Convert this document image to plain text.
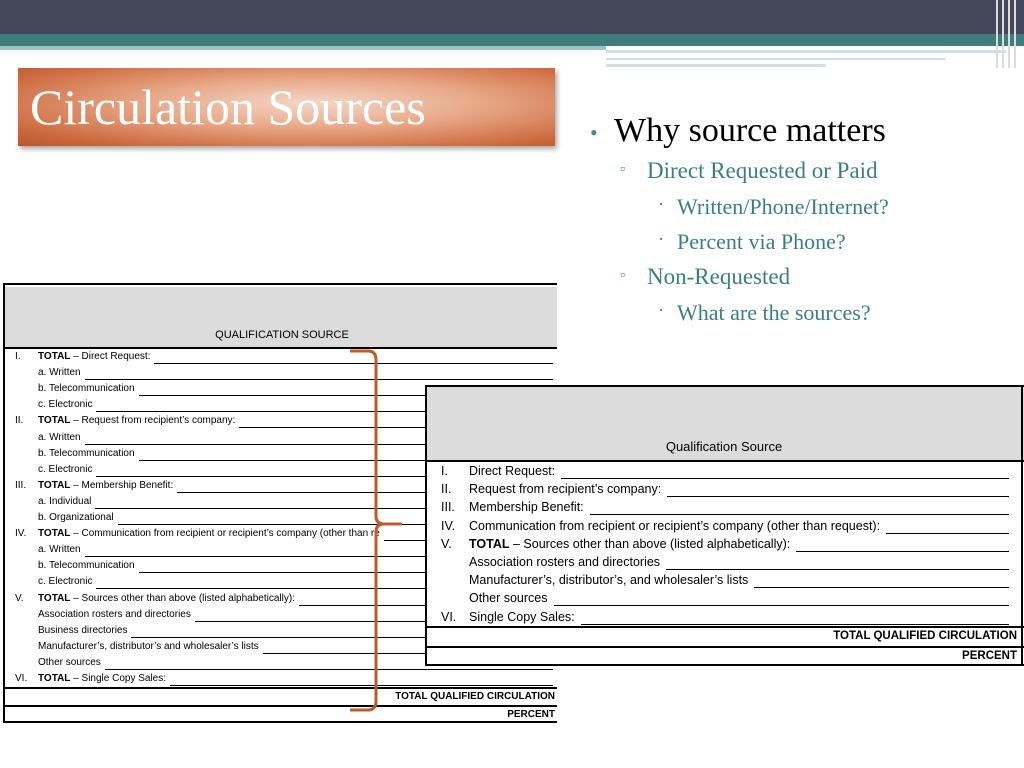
Circulation Sources	• Why source matters
▫ Direct Requested or Paid
· Written/Phone/Internet?
· Percent via Phone?
▫ Non-Requested
· What are the sources?
QUALIFICATION SOURCE
I. TOTAL – Direct Request:
a. Written
b. Telecommunication
c. Electronic
II. TOTAL – Request from recipient’s company:
a. Written
b. Telecommunication
c. Electronic
III. TOTAL – Membership Benefit:
a. Individual
b. Organizational
IV. TOTAL – Communication from recipient or recipient’s company (other than re
a. Written
b. Telecommunication
c. Electronic
V. TOTAL – Sources other than above (listed alphabetically):
Association rosters and directories
Business directories
Manufacturer’s, distributor’s and wholesaler’s lists
Other sources
VI. TOTAL – Single Copy Sales:
TOTAL QUALIFIED CIRCULATION
PERCENT
Qualification Source
I. Direct Request:
II. Request from recipient’s company:
III. Membership Benefit:
IV. Communication from recipient or recipient’s company (other than request):
V. TOTAL – Sources other than above (listed alphabetically):
Association rosters and directories
Manufacturer’s, distributor’s, and wholesaler’s lists
Other sources
VI. Single Copy Sales:
TOTAL QUALIFIED CIRCULATION
PERCENT
